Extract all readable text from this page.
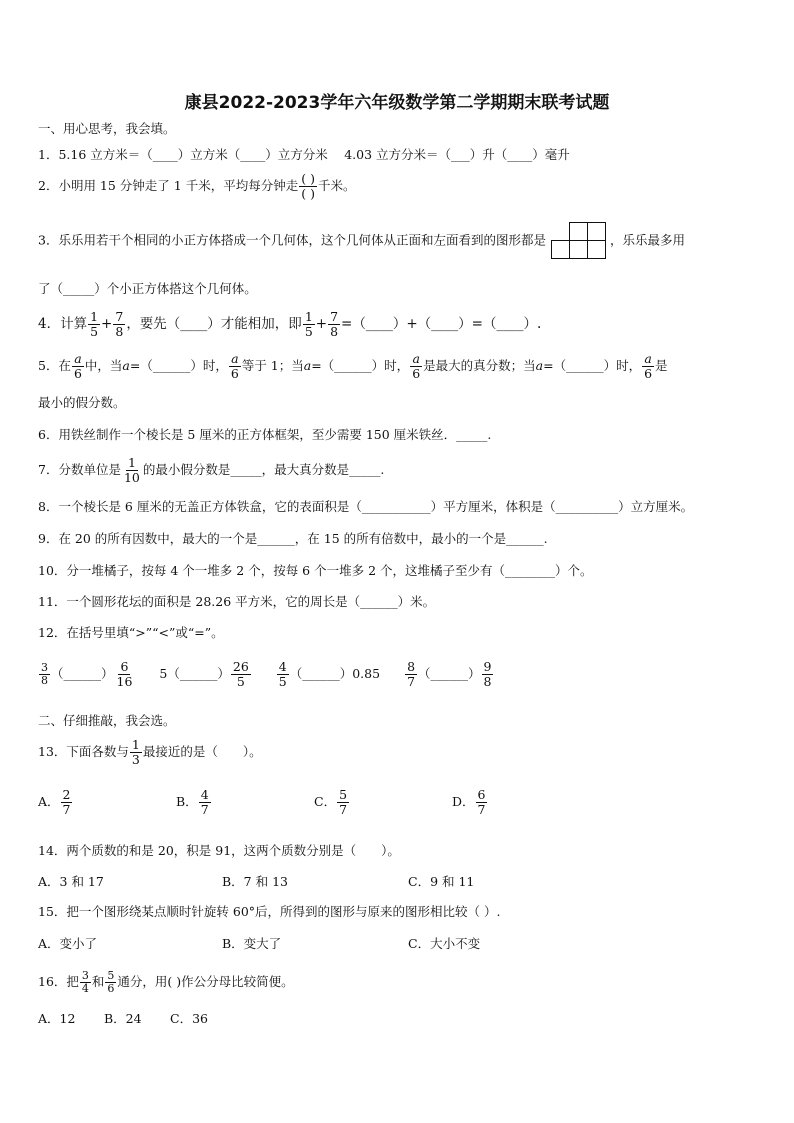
康县2022-2023学年六年级数学第二学期期末联考试题
一、用心思考，我会填。
1．5.16 立方米＝（____）立方米（____）立方分米　 4.03 立方分米＝（___）升（____）毫升
2．小明用 15 分钟走了 1 千米，平均每分钟走 ( )
( )
千米。
3．乐乐用若干个相同的小正方体搭成一个几何体，这个几何体从正面和左面看到的图形都是	，乐乐最多用
了（_____）个小正方体搭这个几何体。
4．计算 $\frac{1}{5} + \frac{7}{8}$ ，要先（____）才能相加，即 $\frac{1}{5} + \frac{7}{8}$ =（____）+（____）=（____）.
5．在 $\frac{a}{6}$ 中，当a=（______）时， $\frac{a}{6}$ 等于 1；当a=（______）时， $\frac{a}{6}$ 是最大的真分数；当a=（______）时， $\frac{a}{6}$ 是
最小的假分数。
6．用铁丝制作一个棱长是 5 厘米的正方体框架，至少需要 150 厘米铁丝．_____.
7．分数单位是 $\frac{1}{10}$ 的最小假分数是_____，最大真分数是_____.
8．一个棱长是 6 厘米的无盖正方体铁盒，它的表面积是（___________）平方厘米，体积是（__________）立方厘米。
9．在 20 的所有因数中，最大的一个是______，在 15 的所有倍数中，最小的一个是______.
10．分一堆橘子，按每 4 个一堆多 2 个，按每 6 个一堆多 2 个，这堆橘子至少有（________）个。
11．一个圆形花坛的面积是 28.26 平方米，它的周长是（______）米。
12．在括号里填“>”“<”或“=”。
$\frac{3}{8}$ （______） $\frac{6}{16}$ 5（______） $\frac{26}{5}$
$\frac{4}{5}$ （______）0.85 $\frac{8}{7}$ （______） $\frac{9}{8}$
二、仔细推敲，我会选。
13．下面各数与 $\frac{1}{3}$ 最接近的是（　　）。
A． $\frac{2}{7}$	B． $\frac{4}{7}$	C． $\frac{5}{7}$	D． $\frac{6}{7}$
14．两个质数的和是 20，积是 91，这两个质数分别是（　　）。
A．3 和 17	B．7 和 13	C．9 和 11
15．把一个图形绕某点顺时针旋转 60°后，所得到的图形与原来的图形相比较（ ）.
A．变小了	B．变大了	C．大小不变
16．把 $\frac{3}{4}$ 和 $\frac{5}{6}$ 通分，用( )作公分母比较简便。
A．12 B．24 C．36
